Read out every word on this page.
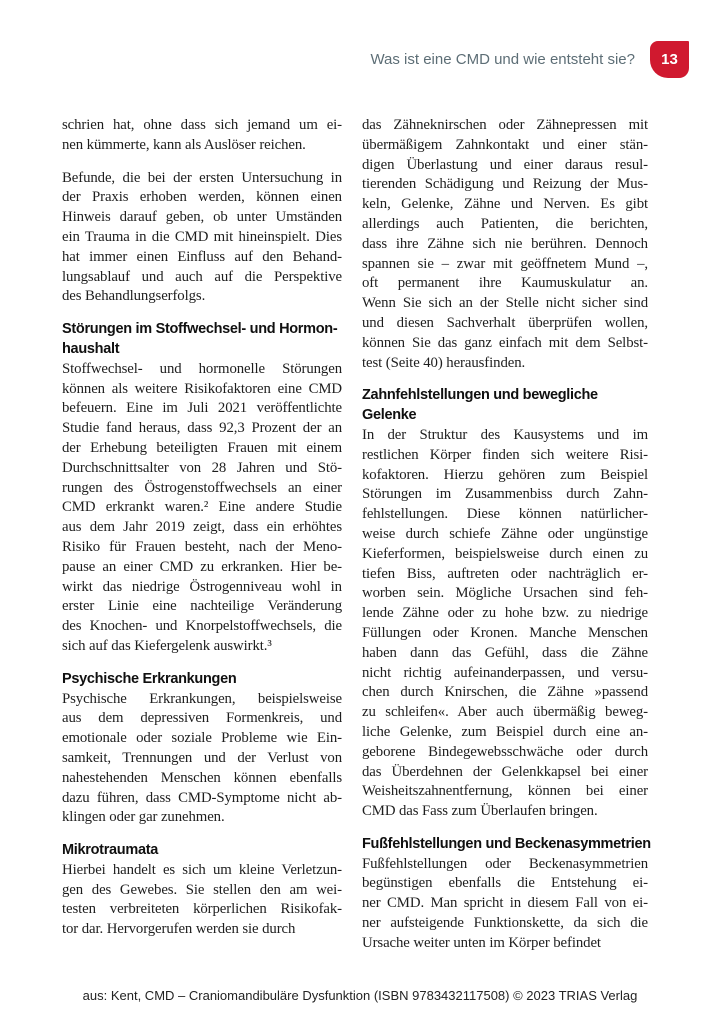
Was ist eine CMD und wie entsteht sie?	13
schrien hat, ohne dass sich jemand um ei-
nen kümmerte, kann als Auslöser reichen.
Befunde, die bei der ersten Untersuchung in
der Praxis erhoben werden, können einen
Hinweis darauf geben, ob unter Umständen
ein Trauma in die CMD mit hineinspielt. Dies
hat immer einen Einfluss auf den Behand-
lungsablauf und auch auf die Perspektive
des Behandlungserfolgs.
Störungen im Stoffwechsel- und Hormon-
haushalt
Stoffwechsel- und hormonelle Störungen
können als weitere Risikofaktoren eine CMD
befeuern. Eine im Juli 2021 veröffentlichte
Studie fand heraus, dass 92,3 Prozent der an
der Erhebung beteiligten Frauen mit einem
Durchschnittsalter von 28 Jahren und Stö-
rungen des Östrogenstoffwechsels an einer
CMD erkrankt waren.² Eine andere Studie
aus dem Jahr 2019 zeigt, dass ein erhöhtes
Risiko für Frauen besteht, nach der Meno-
pause an einer CMD zu erkranken. Hier be-
wirkt das niedrige Östrogenniveau wohl in
erster Linie eine nachteilige Veränderung
des Knochen- und Knorpelstoffwechsels, die
sich auf das Kiefergelenk auswirkt.³
Psychische Erkrankungen
Psychische Erkrankungen, beispielsweise
aus dem depressiven Formenkreis, und
emotionale oder soziale Probleme wie Ein-
samkeit, Trennungen und der Verlust von
nahestehenden Menschen können ebenfalls
dazu führen, dass CMD-Symptome nicht ab-
klingen oder gar zunehmen.
Mikrotraumata
Hierbei handelt es sich um kleine Verletzun-
gen des Gewebes. Sie stellen den am wei-
testen verbreiteten körperlichen Risikofak-
tor dar. Hervorgerufen werden sie durch
das Zähneknirschen oder Zähnepressen mit
übermäßigem Zahnkontakt und einer stän-
digen Überlastung und einer daraus resul-
tierenden Schädigung und Reizung der Mus-
keln, Gelenke, Zähne und Nerven. Es gibt
allerdings auch Patienten, die berichten,
dass ihre Zähne sich nie berühren. Dennoch
spannen sie – zwar mit geöffnetem Mund –,
oft permanent ihre Kaumuskulatur an.
Wenn Sie sich an der Stelle nicht sicher sind
und diesen Sachverhalt überprüfen wollen,
können Sie das ganz einfach mit dem Selbst-
test (Seite 40) herausfinden.
Zahnfehlstellungen und bewegliche
Gelenke
In der Struktur des Kausystems und im
restlichen Körper finden sich weitere Risi-
kofaktoren. Hierzu gehören zum Beispiel
Störungen im Zusammenbiss durch Zahn-
fehlstellungen. Diese können natürlicher-
weise durch schiefe Zähne oder ungünstige
Kieferformen, beispielsweise durch einen zu
tiefen Biss, auftreten oder nachträglich er-
worben sein. Mögliche Ursachen sind feh-
lende Zähne oder zu hohe bzw. zu niedrige
Füllungen oder Kronen. Manche Menschen
haben dann das Gefühl, dass die Zähne
nicht richtig aufeinanderpassen, und versu-
chen durch Knirschen, die Zähne »passend
zu schleifen«. Aber auch übermäßig beweg-
liche Gelenke, zum Beispiel durch eine an-
geborene Bindegewebsschwäche oder durch
das Überdehnen der Gelenkkapsel bei einer
Weisheitszahnentfernung, können bei einer
CMD das Fass zum Überlaufen bringen.
Fußfehlstellungen und Beckenasymmetrien
Fußfehlstellungen oder Beckenasymmetrien
begünstigen ebenfalls die Entstehung ei-
ner CMD. Man spricht in diesem Fall von ei-
ner aufsteigende Funktionskette, da sich die
Ursache weiter unten im Körper befindet
aus: Kent, CMD – Craniomandibuläre Dysfunktion (ISBN 9783432117508) © 2023 TRIAS Verlag
